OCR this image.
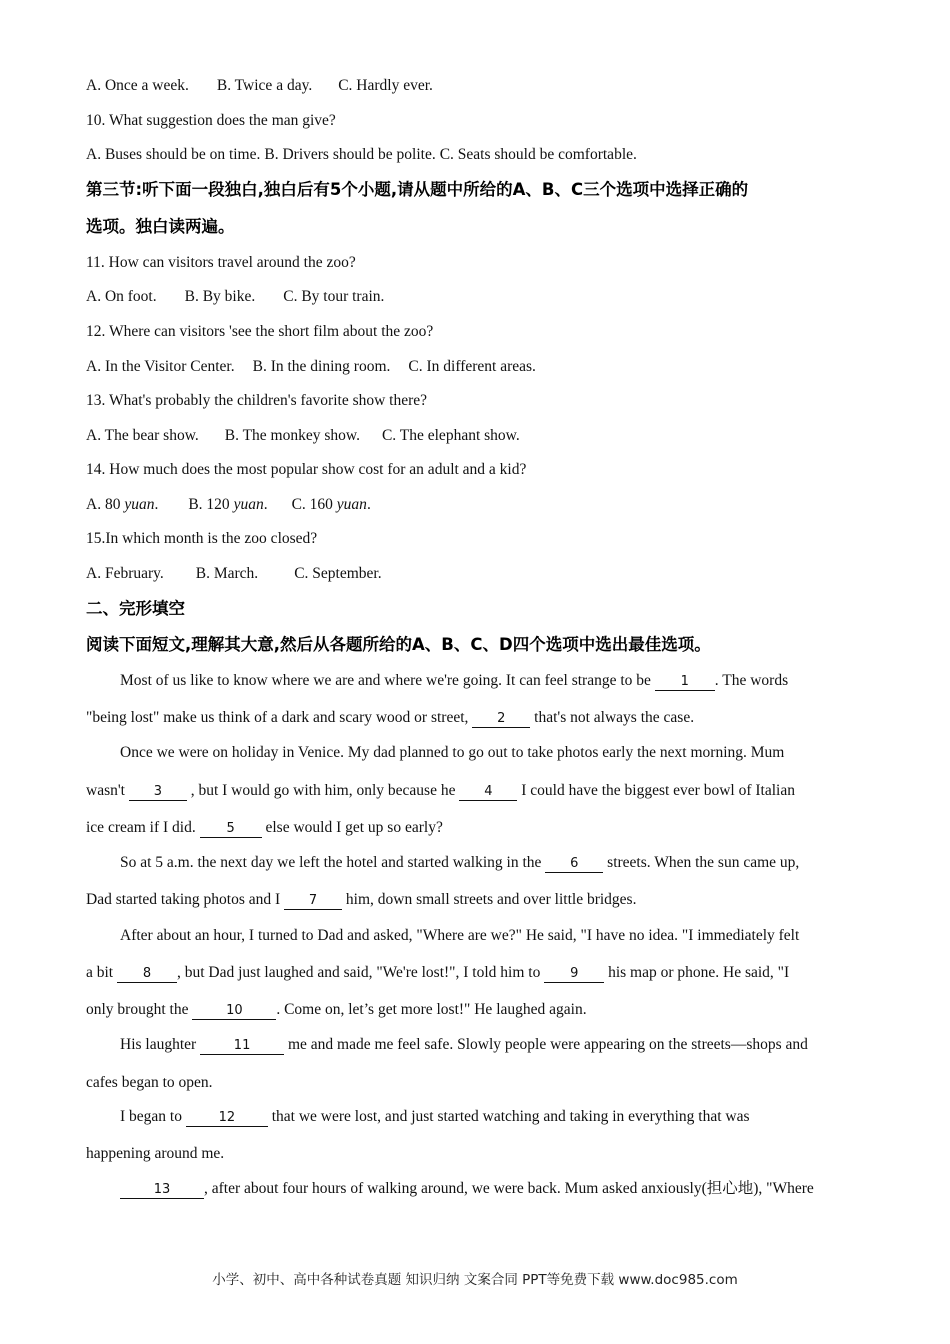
A. Once a week. B. Twice a day. C. Hardly ever.
10. What suggestion does the man give?
A. Buses should be on time. B. Drivers should be polite. C. Seats should be comfortable.
第三节:听下面一段独白,独白后有5个小题,请从题中所给的A、B、C三个选项中选择正确的
选项。独白读两遍。
11. How can visitors travel around the zoo?
A. On foot. B. By bike. C. By tour train.
12. Where can visitors 'see the short film about the zoo?
A. In the Visitor Center. B. In the dining room. C. In different areas.
13. What's probably the children's favorite show there?
A. The bear show. B. The monkey show. C. The elephant show.
14. How much does the most popular show cost for an adult and a kid?
A. 80 yuan. B. 120 yuan. C. 160 yuan.
15.In which month is the zoo closed?
A. February. B. March. C. September.
二、完形填空
阅读下面短文,理解其大意,然后从各题所给的A、B、C、D四个选项中选出最佳选项。
Most of us like to know where we are and where we're going. It can feel strange to be 1 . The words
"being lost" make us think of a dark and scary wood or street, 2 that's not always the case.
Once we were on holiday in Venice. My dad planned to go out to take photos early the next morning. Mum
wasn't 3 , but I would go with him, only because he 4 I could have the biggest ever bowl of Italian
ice cream if I did. 5 else would I get up so early?
So at 5 a.m. the next day we left the hotel and started walking in the 6 streets. When the sun came up,
Dad started taking photos and I 7 him, down small streets and over little bridges.
After about an hour, I turned to Dad and asked, "Where are we?" He said, "I have no idea. "I immediately felt
a bit 8 , but Dad just laughed and said, "We're lost!", I told him to 9 his map or phone. He said, "I
only brought the	10 . Come on, let’s get more lost!" He laughed again.
His laughter	11 me and made me feel safe. Slowly people were appearing on the streets—shops and
cafes began to open.
I began to	12 that we were lost, and just started watching and taking in everything that was
happening around me.
13 , after about four hours of walking around, we were back. Mum asked anxiously(担心地), "Where
小学、初中、高中各种试卷真题 知识归纳 文案合同 PPT等免费下载 www.doc985.com
